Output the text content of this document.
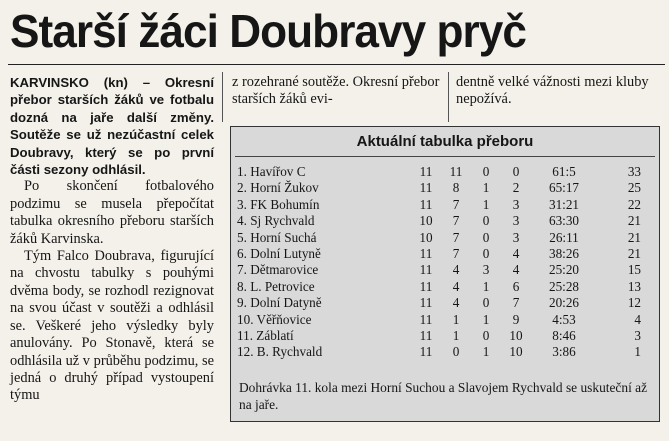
Starší žáci Doubravy pryč

KARVINSKO (kn) – Okresní přebor starších žáků ve fotbalu dozná na jaře další změny. Soutěže se už nezúčastní celek Doubravy, který se po první části sezony odhlásil.

Po skončení fotbalového podzimu se musela přepočítat tabulka okresního přeboru starších žáků Karvinska.

Tým Falco Doubrava, figurující na chvostu tabulky s pouhými dvěma body, se rozhodl rezignovat na svou účast v soutěži a odhlásil se. Veškeré jeho výsledky byly anulovány. Po Stonavě, která se odhlásila už v průběhu podzimu, se jedná o druhý případ vystoupení týmu

z rozehrané soutěže. Okresní přebor starších žáků evi-
dentně velké vážnosti mezi kluby nepožívá.
Aktuální tabulka přeboru
1. Havířov C	11	11	0	0	61:5	33
2. Horní Žukov	11	8	1	2	65:17	25
3. FK Bohumín	11	7	1	3	31:21	22
4. Sj Rychvald	10	7	0	3	63:30	21
5. Horní Suchá	10	7	0	3	26:11	21
6. Dolní Lutyně	11	7	0	4	38:26	21
7. Dětmarovice	11	4	3	4	25:20	15
8. L. Petrovice	11	4	1	6	25:28	13
9. Dolní Datyně	11	4	0	7	20:26	12
10. Věřňovice	11	1	1	9	4:53	4
11. Záblatí	11	1	0	10	8:46	3
12. B. Rychvald	11	0	1	10	3:86	1
Dohrávka 11. kola mezi Horní Suchou a Slavojem Rychvald se uskuteční až na jaře.
